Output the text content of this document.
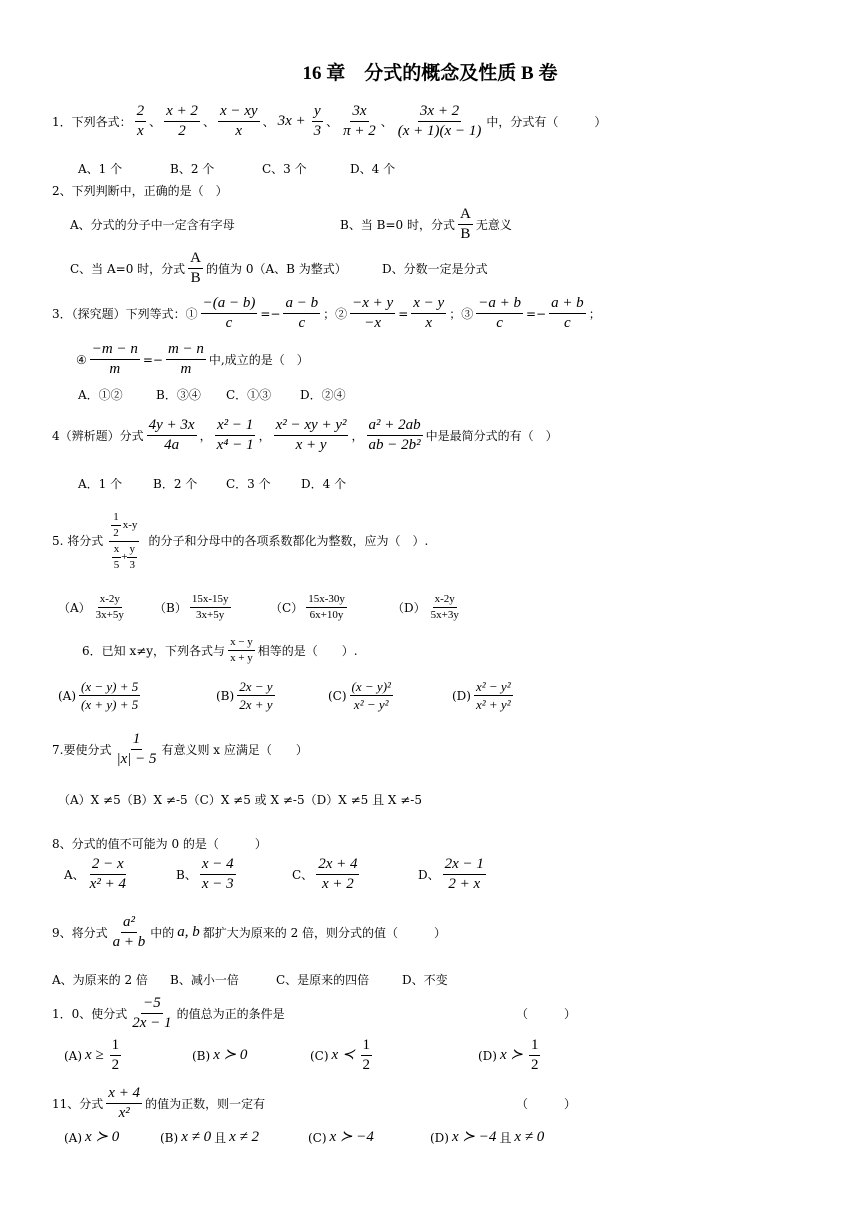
16 章　分式的概念及性质 B 卷
1．下列各式： $\frac{2}{x}$ 、 $\frac{x + 2}{2}$ 、 $\frac{x - xy}{x}$ 、 $3x + \frac{y}{3}$ 、 $\frac{3x}{\pi + 2}$ 、 $\frac{3x + 2}{(x + 1)(x - 1)}$ 中，分式有（　　　）
A、1 个	B、2 个	C、3 个	D、4 个
2、下列判断中，正确的是（　）
A、分式的分子中一定含有字母	B、当 B=0 时，分式 $\frac{A}{B}$ 无意义
C、当 A=0 时，分式 $\frac{A}{B}$ 的值为 0（A、B 为整式）	D、分数一定是分式
3．（探究题）下列等式：① $\frac{-(a - b)}{c} =- \frac{a - b}{c}$ ；② $\frac{-x + y}{-x} = \frac{x - y}{x}$ ；③ $\frac{-a + b}{c} =- \frac{a + b}{c}$ ；
④ $\frac{-m - n}{m} =- \frac{m - n}{m}$ 中,成立的是（　）
A．①②	B．③④	C．①③	D．②④
4（辨析题）分式 $\frac{4y + 3x}{4a}$ ， $\frac{\text{x² − 1}}{\text{x⁴ − 1}}$ ， $\frac{\text{x² − xy + y²}}{x + y}$ ， $\frac{\text{a² + 2ab}}{\text{ab − 2b²}}$ 中是最简分式的有（　）
A．1 个	B．2 个	C．3 个	D．4 个
5. 将分式 $\frac{\frac{1}{2} x-y}{\frac{x}{5} + \frac{y}{3}}$ 的分子和分母中的各项系数都化为整数，应为（　）.
$(A) \frac{x-2y}{3x+5y} (B) \frac{15x-15y}{3x+5y}$	$(C) \frac{15x-30y}{6x+10y}$	$(D) \frac{x-2y}{5x+3y}$
6．已知 x≠y，下列各式与 $\frac{x - y}{x + y}$ 相等的是（　　）.
$(A) \frac{(x - y) + 5}{(x + y) + 5}$	$(B) \frac{2x - y}{2x + y}$	$(C) \frac{\text{(x − y)²}}{\text{x² − y²}}$	$(D) \frac{\text{x² − y²}}{\text{x² + y²}}$
7.要使分式 $\frac{1}{|x| - 5}$ 有意义则 x 应满足（　　）
（A）X ≠5（B）X ≠-5（C）X ≠5 或 X ≠-5（D）X ≠5 且 X ≠-5
8、分式的值不可能为 0 的是（　　　）
A、 $\frac{2 - x}{\text{x² + 4}}$	B、 $\frac{x - 4}{x - 3}$	C、 $\frac{2x + 4}{x + 2}$	D、 $\frac{2x - 1}{2 + x}$
9、将分式 $\frac{\text{a²}}{a + b}$ 中的 a, b 都扩大为原来的 2 倍，则分式的值（　　　）
A、为原来的 2 倍	B、减小一倍	C、是原来的四倍	D、不变
1．0、使分式 $\frac{-5}{2x - 1}$ 的值总为正的条件是	（　　　）
(A) $x \ge \frac{1}{2}$	(B) x ≻ 0	(C) x ≺ $\frac{1}{2}$	(D) x ≻ $\frac{1}{2}$
11、分式 $\frac{x + 4}{\text{x²}}$ 的值为正数，则一定有	（　　　）
(A) x ≻ 0	(B) x ≠ 0 且 x ≠ 2	(C) x ≻ −4	(D) x ≻ −4 且 x ≠ 0
